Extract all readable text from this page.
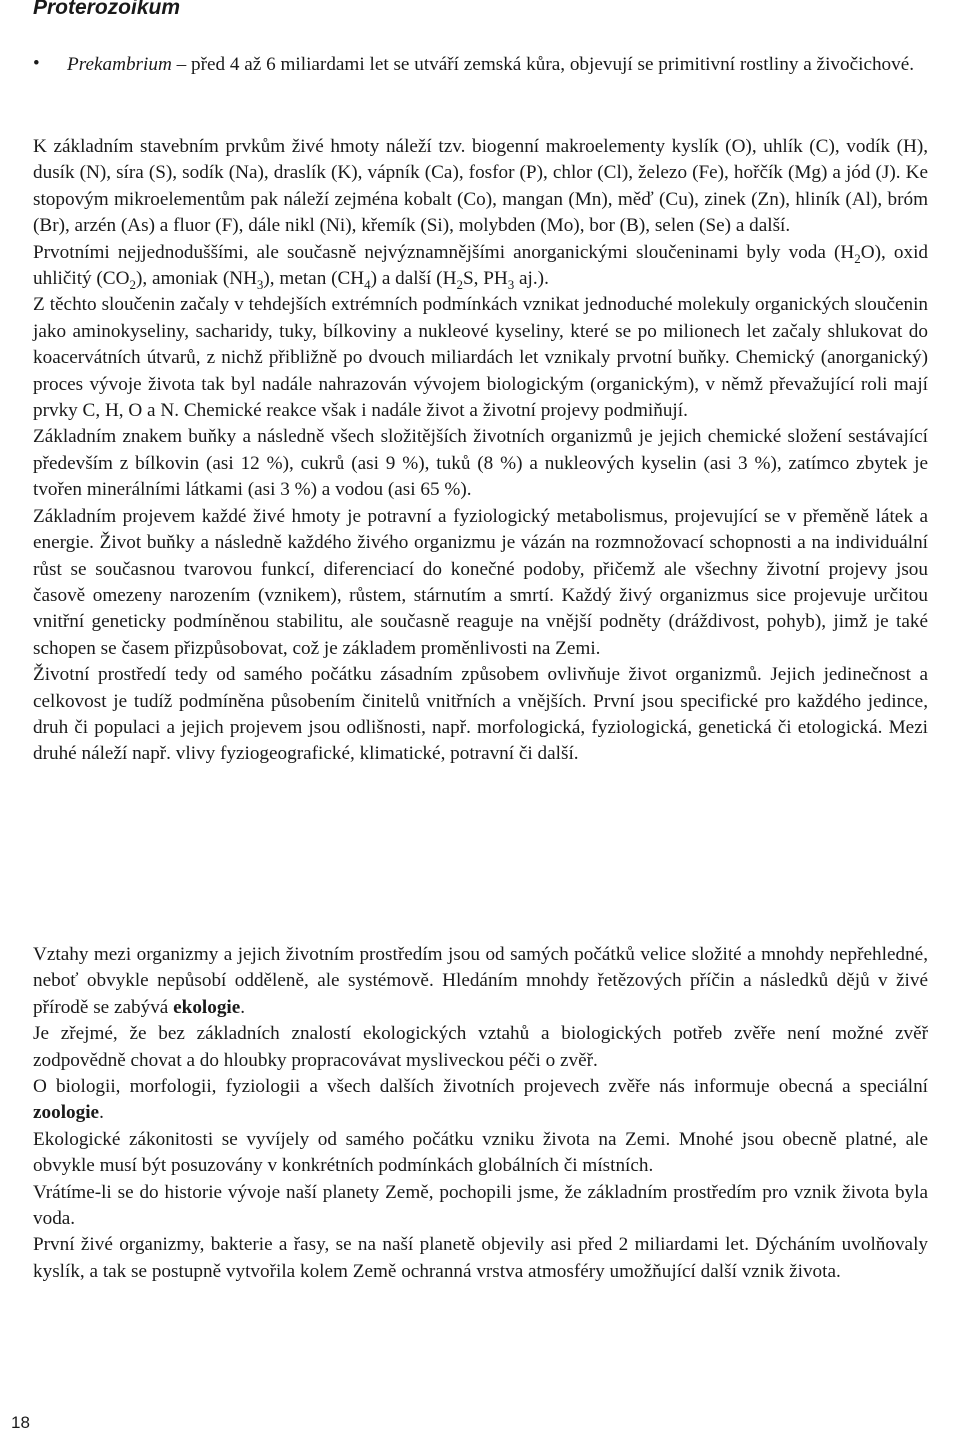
Proterozoikum
• Prekambrium – před 4 až 6 miliardami let se utváří zemská kůra, objevují se primitivní rostliny a živočichové.

K základním stavebním prvkům živé hmoty náleží tzv. biogenní makroelementy kyslík (O), uhlík (C), vodík (H), dusík (N), síra (S), sodík (Na), draslík (K), vápník (Ca), fosfor (P), chlor (Cl), železo (Fe), hořčík (Mg) a jód (J). Ke stopovým mikroelementům pak náleží zejména kobalt (Co), mangan (Mn), měď (Cu), zinek (Zn), hliník (Al), bróm (Br), arzén (As) a fluor (F), dále nikl (Ni), křemík (Si), molybden (Mo), bor (B), selen (Se) a další.

Prvotními nejjednoduššími, ale současně nejvýznamnějšími anorganickými sloučeninami byly voda $(H_2O)$, oxid uhličitý $(CO_2)$, amoniak $(NH_3)$, metan $(CH_4)$ a další ($H_2S$, $PH_3$ aj.).

Z těchto sloučenin začaly v tehdejších extrémních podmínkách vznikat jednoduché molekuly organických sloučenin jako aminokyseliny, sacharidy, tuky, bílkoviny a nukleové kyseliny, které se po milionech let začaly shlukovat do koacervátních útvarů, z nichž přibližně po dvouch miliardách let vznikaly prvotní buňky. Chemický (anorganický) proces vývoje života tak byl nadále nahrazován vývojem biologickým (organickým), v němž převažující roli mají prvky C, H, O a N. Chemické reakce však i nadále život a životní projevy podmiňují.

Základním znakem buňky a následně všech složitějších životních organizmů je jejich chemické složení sestávající především z bílkovin (asi 12 %), cukrů (asi 9 %), tuků (8 %) a nukleových kyselin (asi 3 %), zatímco zbytek je tvořen minerálními látkami (asi 3 %) a vodou (asi 65 %).

Základním projevem každé živé hmoty je potravní a fyziologický metabolismus, projevující se v přeměně látek a energie. Život buňky a následně každého živého organizmu je vázán na rozmnožovací schopnosti a na individuální růst se současnou tvarovou funkcí, diferenciací do konečné podoby, přičemž ale všechny životní projevy jsou časově omezeny narozením (vznikem), růstem, stárnutím a smrtí. Každý živý organizmus sice projevuje určitou vnitřní geneticky podmíněnou stabilitu, ale současně reaguje na vnější podněty (dráždivost, pohyb), jimž je také schopen se časem přizpůsobovat, což je základem proměnlivosti na Zemi.

Životní prostředí tedy od samého počátku zásadním způsobem ovlivňuje život organizmů. Jejich jedinečnost a celkovost je tudíž podmíněna působením činitelů vnitřních a vnějších. První jsou specifické pro každého jedince, druh či populaci a jejich projevem jsou odlišnosti, např. morfologická, fyziologická, genetická či etologická. Mezi druhé náleží např. vlivy fyziogeografické, klimatické, potravní či další.

Vztahy mezi organizmy a jejich životním prostředím jsou od samých počátků velice složité a mnohdy nepřehledné, neboť obvykle nepůsobí odděleně, ale systémově. Hledáním mnohdy řetězových příčin a následků dějů v živé přírodě se zabývá ekologie.

Je zřejmé, že bez základních znalostí ekologických vztahů a biologických potřeb zvěře není možné zvěř zodpovědně chovat a do hloubky propracovávat mysliveckou péči o zvěř.

O biologii, morfologii, fyziologii a všech dalších životních projevech zvěře nás informuje obecná a speciální zoologie.

Ekologické zákonitosti se vyvíjely od samého počátku vzniku života na Zemi. Mnohé jsou obecně platné, ale obvykle musí být posuzovány v konkrétních podmínkách globálních či místních.

Vrátíme-li se do historie vývoje naší planety Země, pochopili jsme, že základním prostředím pro vznik života byla voda.

První živé organizmy, bakterie a řasy, se na naší planetě objevily asi před 2 miliardami let. Dýcháním uvolňovaly kyslík, a tak se postupně vytvořila kolem Země ochranná vrstva atmosféry umožňující další vznik života.

18
